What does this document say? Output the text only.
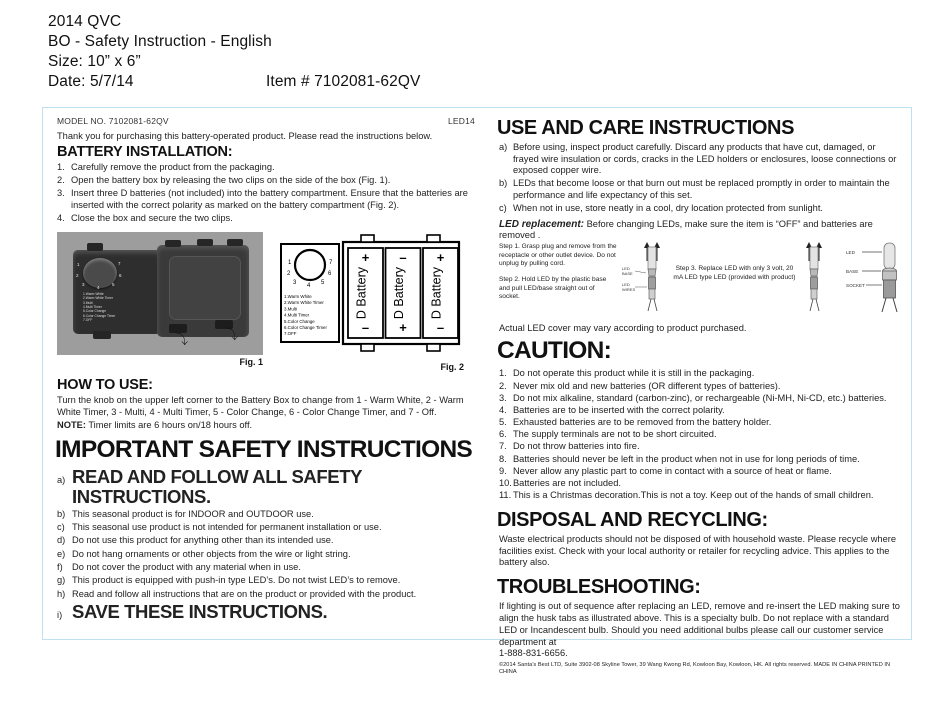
2014 QVC
BO - Safety Instruction - English
Size: 10” x 6”
Date: 5/7/14	Item # 7102081-62QV
MODEL NO. 7102081-62QV	LED14
Thank you for purchasing this battery-operated product. Please read the instructions below.
BATTERY INSTALLATION:
1. Carefully remove the product from the packaging.
2. Open the battery box by releasing the two clips on the side of the box (Fig. 1).
3. Insert three D batteries (not included) into the battery compartment. Ensure that the batteries are inserted with the correct polarity as marked on the battery compartment (Fig. 2).
4. Close the box and secure the two clips.
⤵	⤵
1
2
3
4
5
6
7
1.Warm White
2.Warm White Timer
3.Multi
4.Multi Timer
5.Color Change
6.Color Change Timer
7.OFF
Fig. 1
1
2
3 4 5
6
7
1.Warm White
2.Warm White Timer
3.Multi
4.Multi Timer
5.Color Change
6.Color Change Timer
7.OFF
+
D Battery
–
–
D Battery
+
+
D Battery
–
Fig. 2
HOW TO USE:
Turn the knob on the upper left corner to the Battery Box to change from 1 - Warm White, 2 - Warm White Timer, 3 - Multi, 4 - Multi Timer, 5 - Color Change, 6 - Color Change Timer, and 7 - Off.
NOTE: Timer limits are 6 hours on/18 hours off.
IMPORTANT SAFETY INSTRUCTIONS
a) READ AND FOLLOW ALL SAFETY INSTRUCTIONS.
b) This seasonal product is for INDOOR and OUTDOOR use.
c) This seasonal use product is not intended for permanent installation or use.
d) Do not use this product for anything other than its intended use.
e) Do not hang ornaments or other objects from the wire or light string.
f)	Do not cover the product with any material when in use.
g) This product is equipped with push-in type LED’s. Do not twist LED’s to remove.
h) Read and follow all instructions that are on the product or provided with the product.
i) SAVE THESE INSTRUCTIONS.
USE AND CARE INSTRUCTIONS
a) Before using, inspect product carefully. Discard any products that have cut, damaged, or frayed wire insulation or cords, cracks in the LED holders or enclosures, loose connections or exposed copper wire.
b) LEDs that become loose or that burn out must be replaced promptly in order to maintain the performance and life expectancy of this set.
c) When not in use, store neatly in a cool, dry location protected from sunlight.
LED replacement: Before changing LEDs, make sure the item is “OFF” and batteries are removed .
Step 1. Grasp plug and remove from the receptacle or other outlet device. Do not unplug by pulling cord.
Step 2. Hold LED by the plastic base and pull LED/base straight out of socket.
Step 3. Replace LED with only 3 volt, 20 mA LED type LED (provided with product)
LED
BASE
LED
WIRES
LED
BASE
SOCKET
Actual LED cover may vary according to product purchased.
CAUTION:
1. Do not operate this product while it is still in the packaging.
2. Never mix old and new batteries (OR different types of batteries).
3. Do not mix alkaline, standard (carbon-zinc), or rechargeable (Ni-MH, Ni-CD, etc.) batteries.
4. Batteries are to be inserted with the correct polarity.
5. Exhausted batteries are to be removed from the battery holder.
6. The supply terminals are not to be short circuited.
7. Do not throw batteries into fire.
8. Batteries should never be left in the product when not in use for long periods of time.
9. Never allow any plastic part to come in contact with a source of heat or flame.
10. Batteries are not included.
11. This is a Christmas decoration.This is not a toy. Keep out of the hands of small children.
DISPOSAL AND RECYCLING:
Waste electrical products should not be disposed of with household waste. Please recycle where facilities exist. Check with your local authority or retailer for recycling advice. This applies to the battery also.
TROUBLESHOOTING:
If lighting is out of sequence after replacing an LED, remove and re-insert the LED making sure to align the husk tabs as illustrated above. This is a specialty bulb. Do not replace with a standard LED or Incandescent bulb. Should you need additional bulbs please call our customer service department at
1-888-831-6656.
©2014 Santa’s Best LTD, Suite 3902-08 Skyline Tower, 39 Wang Kwong Rd, Kowloon Bay, Kowloon, HK. All rights reserved. MADE IN CHINA PRINTED IN CHINA
